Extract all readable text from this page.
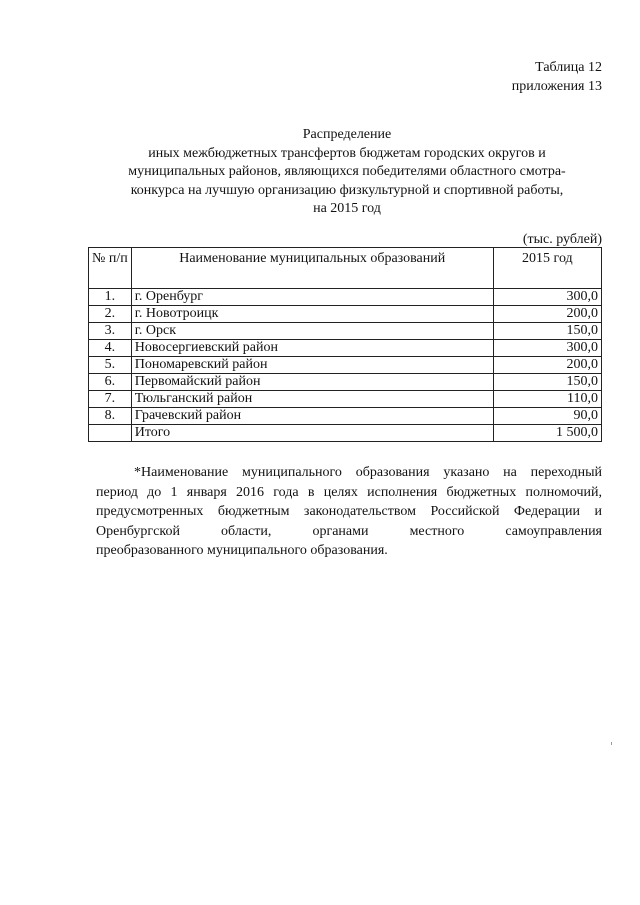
Таблица 12
приложения 13
Распределение
иных межбюджетных трансфертов бюджетам городских округов и
муниципальных районов, являющихся победителями областного смотра-
конкурса на лучшую организацию физкультурной и спортивной работы,
на 2015 год
(тыс. рублей)
№ п/п	Наименование муниципальных образований	2015 год
1.	г. Оренбург	300,0
2.	г. Новотроицк	200,0
3.	г. Орск	150,0
4.	Новосергиевский район	300,0
5.	Пономаревский район	200,0
6.	Первомайский район	150,0
7.	Тюльганский район	110,0
8.	Грачевский район	90,0
	Итого	1 500,0
*Наименование муниципального образования указано на переходный
период до 1 января 2016 года в целях исполнения бюджетных полномочий,
предусмотренных бюджетным законодательством Российской Федерации и
Оренбургской области, органами местного самоуправления
преобразованного муниципального образования.
